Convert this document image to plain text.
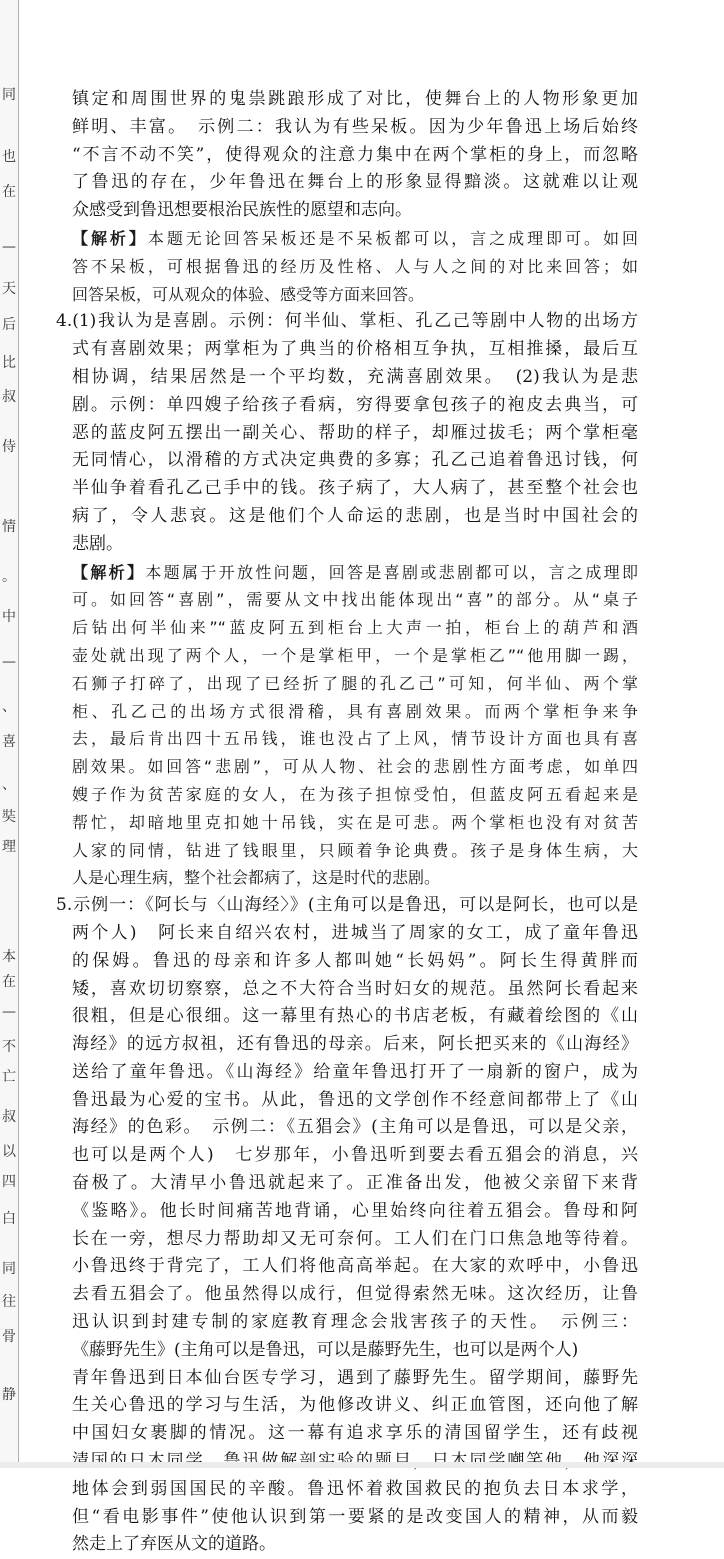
同
也
在
—
天
后
比
叔
侍
情
。
中
—
、
喜
、
奘
理
本
在
—
不
亡
叔
以
四
白
同
往
骨
静
镇定和周围世界的鬼祟跳踉形成了对比，使舞台上的人物形象更加
鲜明、丰富。　示例二：我认为有些呆板。因为少年鲁迅上场后始终
“不言不动不笑”，使得观众的注意力集中在两个掌柜的身上，而忽略
了鲁迅的存在，少年鲁迅在舞台上的形象显得黯淡。这就难以让观
众感受到鲁迅想要根治民族性的愿望和志向。
【解析】本题无论回答呆板还是不呆板都可以，言之成理即可。如回
答不呆板，可根据鲁迅的经历及性格、人与人之间的对比来回答；如
回答呆板，可从观众的体验、感受等方面来回答。
4.(1)我认为是喜剧。示例：何半仙、掌柜、孔乙己等剧中人物的出场方
式有喜剧效果；两掌柜为了典当的价格相互争执，互相推搡，最后互
相协调，结果居然是一个平均数，充满喜剧效果。　(2)我认为是悲
剧。示例：单四嫂子给孩子看病，穷得要拿包孩子的袍皮去典当，可
恶的蓝皮阿五摆出一副关心、帮助的样子，却雁过拔毛；两个掌柜毫
无同情心，以滑稽的方式决定典费的多寡；孔乙己追着鲁迅讨钱，何
半仙争着看孔乙己手中的钱。孩子病了，大人病了，甚至整个社会也
病了，令人悲哀。这是他们个人命运的悲剧，也是当时中国社会的
悲剧。
【解析】本题属于开放性问题，回答是喜剧或悲剧都可以，言之成理即
可。如回答“喜剧”，需要从文中找出能体现出“喜”的部分。从“桌子
后钻出何半仙来”“蓝皮阿五到柜台上大声一拍，柜台上的葫芦和酒
壶处就出现了两个人，一个是掌柜甲，一个是掌柜乙”“他用脚一踢，
石狮子打碎了，出现了已经折了腿的孔乙己”可知，何半仙、两个掌
柜、孔乙己的出场方式很滑稽，具有喜剧效果。而两个掌柜争来争
去，最后肯出四十五吊钱，谁也没占了上风，情节设计方面也具有喜
剧效果。如回答“悲剧”，可从人物、社会的悲剧性方面考虑，如单四
嫂子作为贫苦家庭的女人，在为孩子担惊受怕，但蓝皮阿五看起来是
帮忙，却暗地里克扣她十吊钱，实在是可悲。两个掌柜也没有对贫苦
人家的同情，钻进了钱眼里，只顾着争论典费。孩子是身体生病，大
人是心理生病，整个社会都病了，这是时代的悲剧。
5.示例一：《阿长与〈山海经〉》(主角可以是鲁迅，可以是阿长，也可以是
两个人)　阿长来自绍兴农村，进城当了周家的女工，成了童年鲁迅
的保姆。鲁迅的母亲和许多人都叫她“长妈妈”。阿长生得黄胖而
矮，喜欢切切察察，总之不大符合当时妇女的规范。虽然阿长看起来
很粗，但是心很细。这一幕里有热心的书店老板，有藏着绘图的《山
海经》的远方叔祖，还有鲁迅的母亲。后来，阿长把买来的《山海经》
送给了童年鲁迅。《山海经》给童年鲁迅打开了一扇新的窗户，成为
鲁迅最为心爱的宝书。从此，鲁迅的文学创作不经意间都带上了《山
海经》的色彩。　示例二：《五猖会》(主角可以是鲁迅，可以是父亲，
也可以是两个人)　七岁那年，小鲁迅听到要去看五猖会的消息，兴
奋极了。大清早小鲁迅就起来了。正准备出发，他被父亲留下来背
《鉴略》。他长时间痛苦地背诵，心里始终向往着五猖会。鲁母和阿
长在一旁，想尽力帮助却又无可奈何。工人们在门口焦急地等待着。
小鲁迅终于背完了，工人们将他高高举起。在大家的欢呼中，小鲁迅
去看五猖会了。他虽然得以成行，但觉得索然无味。这次经历，让鲁
迅认识到封建专制的家庭教育理念会戕害孩子的天性。　示例三：
《藤野先生》(主角可以是鲁迅，可以是藤野先生，也可以是两个人)
青年鲁迅到日本仙台医专学习，遇到了藤野先生。留学期间，藤野先
生关心鲁迅的学习与生活，为他修改讲义、纠正血管图，还向他了解
中国妇女裹脚的情况。这一幕有追求享乐的清国留学生，还有歧视
地体会到弱国国民的辛酸。鲁迅怀着救国救民的抱负去日本求学，
但“看电影事件”使他认识到第一要紧的是改变国人的精神，从而毅
然走上了弃医从文的道路。
